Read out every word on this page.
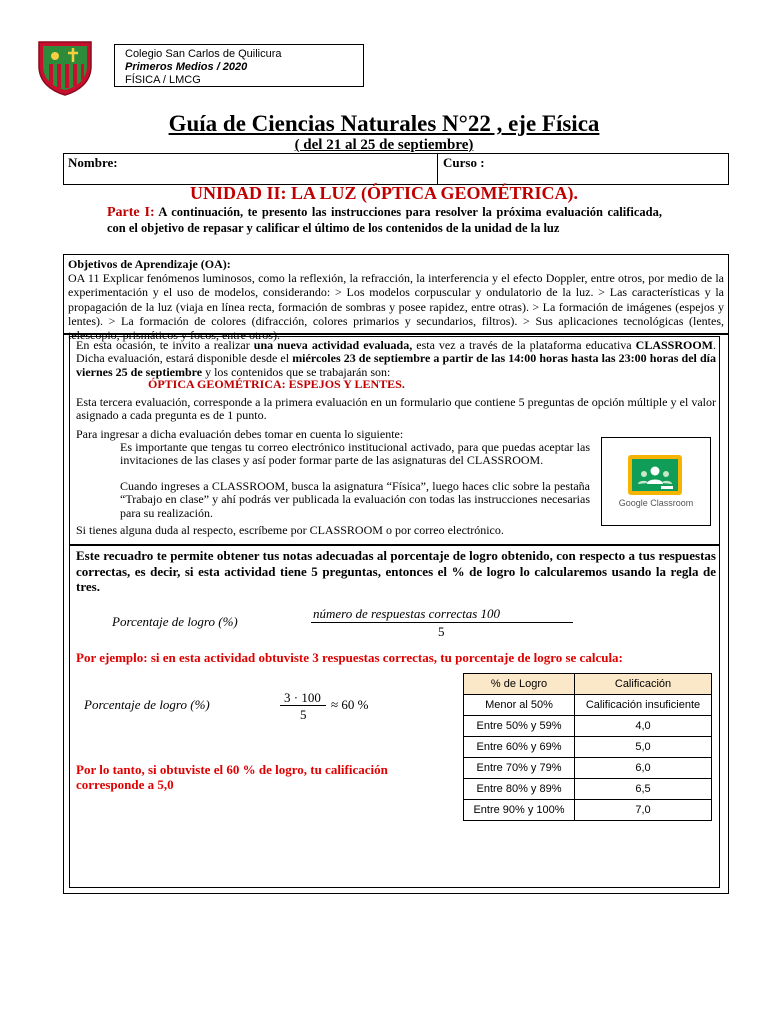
Colegio San Carlos de Quilicura
Primeros Medios / 2020
FÍSICA / LMCG
Guía de Ciencias Naturales N°22 , eje Física
( del 21 al 25 de septiembre)
Nombre:	Curso :
UNIDAD II: LA LUZ (ÓPTICA GEOMÉTRICA).
Parte I: A continuación, te presento las instrucciones para resolver la próxima evaluación calificada, con el objetivo de repasar y calificar el último de los contenidos de la unidad de la luz
Objetivos de Aprendizaje (OA):
OA 11 Explicar fenómenos luminosos, como la reflexión, la refracción, la interferencia y el efecto Doppler, entre otros, por medio de la experimentación y el uso de modelos, considerando: > Los modelos corpuscular y ondulatorio de la luz. > Las características y la propagación de la luz (viaja en línea recta, formación de sombras y posee rapidez, entre otras). > La formación de imágenes (espejos y lentes). > La formación de colores (difracción, colores primarios y secundarios, filtros). > Sus aplicaciones tecnológicas (lentes, telescopio, prismáticos y focos, entre otros).
En esta ocasión, te invito a realizar una nueva actividad evaluada, esta vez a través de la plataforma educativa CLASSROOM. Dicha evaluación, estará disponible desde el miércoles 23 de septiembre a partir de las 14:00 horas hasta las 23:00 horas del día viernes 25 de septiembre y los contenidos que se trabajarán son:
ÓPTICA GEOMÉTRICA: ESPEJOS Y LENTES.
Esta tercera evaluación, corresponde a la primera evaluación en un formulario que contiene 5 preguntas de opción múltiple y el valor asignado a cada pregunta es de 1 punto.
Para ingresar a dicha evaluación debes tomar en cuenta lo siguiente:
Es importante que tengas tu correo electrónico institucional activado, para que puedas aceptar las invitaciones de las clases y así poder formar parte de las asignaturas del CLASSROOM.
Cuando ingreses a CLASSROOM, busca la asignatura “Física”, luego haces clic sobre la pestaña “Trabajo en clase” y ahí podrás ver publicada la evaluación con todas las instrucciones necesarias para su realización.
Si tienes alguna duda al respecto, escríbeme por CLASSROOM o por correo electrónico.
Google Classroom
Este recuadro te permite obtener tus notas adecuadas al porcentaje de logro obtenido, con respecto a tus respuestas correctas, es decir, si esta actividad tiene 5 preguntas, entonces el % de logro lo calcularemos usando la regla de tres.
Porcentaje de logro (%)
número de respuestas correctas 100
5
Por ejemplo: si en esta actividad obtuviste 3 respuestas correctas, tu porcentaje de logro se calcula:
Porcentaje de logro (%)	3 · 100
5
≈ 60 %
Por lo tanto, si obtuviste el 60 % de logro, tu calificación corresponde a 5,0
% de Logro	Calificación
Menor al 50%	Calificación insuficiente
Entre 50% y 59%	4,0
Entre 60% y 69%	5,0
Entre 70% y 79%	6,0
Entre 80% y 89%	6,5
Entre 90% y 100%	7,0
